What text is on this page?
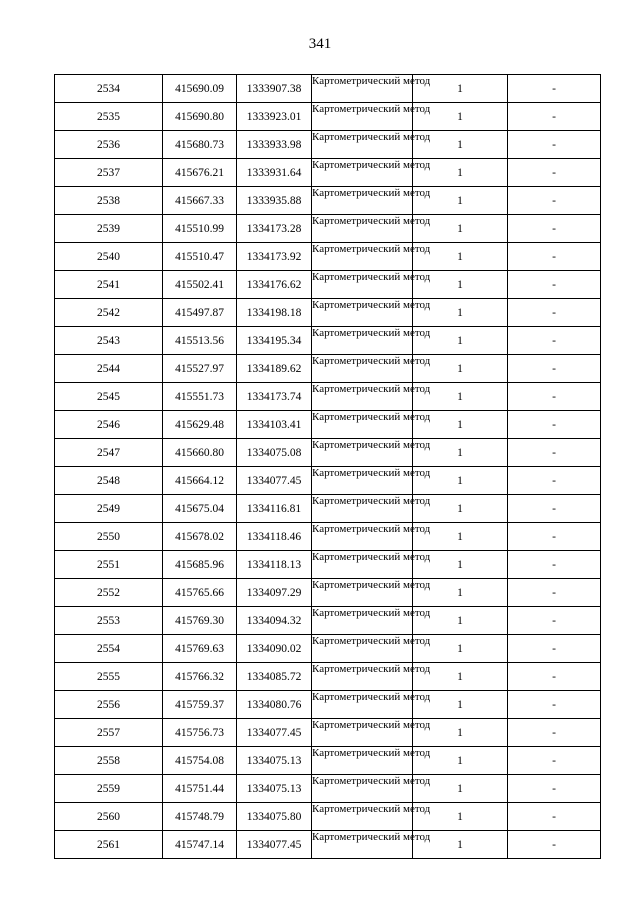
341
2534	415690.09	1333907.38	Картометрический метод	1	-
2535	415690.80	1333923.01	Картометрический метод	1	-
2536	415680.73	1333933.98	Картометрический метод	1	-
2537	415676.21	1333931.64	Картометрический метод	1	-
2538	415667.33	1333935.88	Картометрический метод	1	-
2539	415510.99	1334173.28	Картометрический метод	1	-
2540	415510.47	1334173.92	Картометрический метод	1	-
2541	415502.41	1334176.62	Картометрический метод	1	-
2542	415497.87	1334198.18	Картометрический метод	1	-
2543	415513.56	1334195.34	Картометрический метод	1	-
2544	415527.97	1334189.62	Картометрический метод	1	-
2545	415551.73	1334173.74	Картометрический метод	1	-
2546	415629.48	1334103.41	Картометрический метод	1	-
2547	415660.80	1334075.08	Картометрический метод	1	-
2548	415664.12	1334077.45	Картометрический метод	1	-
2549	415675.04	1334116.81	Картометрический метод	1	-
2550	415678.02	1334118.46	Картометрический метод	1	-
2551	415685.96	1334118.13	Картометрический метод	1	-
2552	415765.66	1334097.29	Картометрический метод	1	-
2553	415769.30	1334094.32	Картометрический метод	1	-
2554	415769.63	1334090.02	Картометрический метод	1	-
2555	415766.32	1334085.72	Картометрический метод	1	-
2556	415759.37	1334080.76	Картометрический метод	1	-
2557	415756.73	1334077.45	Картометрический метод	1	-
2558	415754.08	1334075.13	Картометрический метод	1	-
2559	415751.44	1334075.13	Картометрический метод	1	-
2560	415748.79	1334075.80	Картометрический метод	1	-
2561	415747.14	1334077.45	Картометрический метод	1	-
